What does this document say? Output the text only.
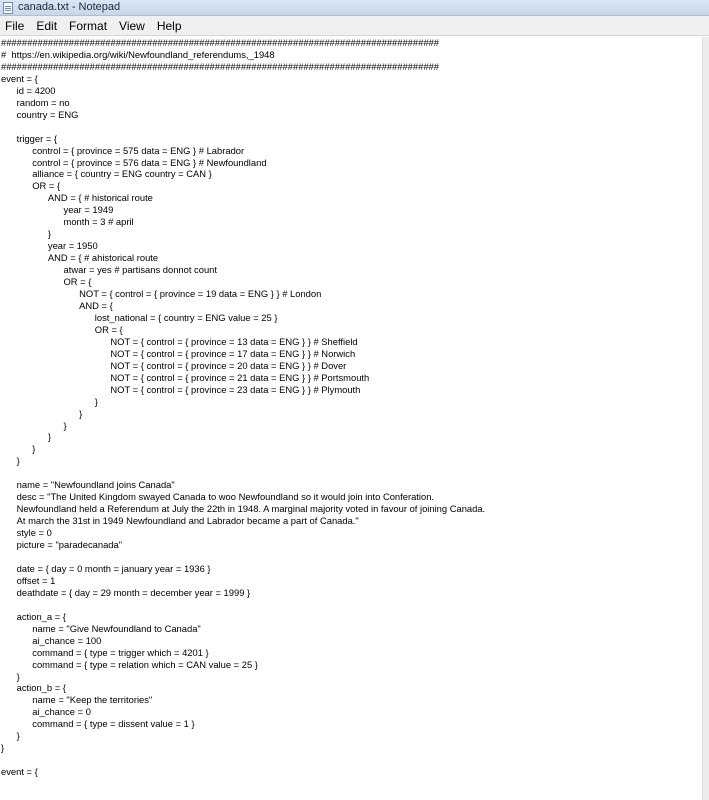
canada.txt - Notepad
File	Edit	Format	View	Help
####################################################################################
#  https://en.wikipedia.org/wiki/Newfoundland_referendums,_1948
####################################################################################
event = {
	id = 4200
	random = no
	country = ENG

	trigger = {
		control = { province = 575 data = ENG } # Labrador
		control = { province = 576 data = ENG } # Newfoundland
		alliance = { country = ENG country = CAN }
		OR = {
			AND = { # historical route
				year = 1949
				month = 3 # april
			}
			year = 1950
			AND = { # ahistorical route
				atwar = yes # partisans donnot count
				OR = {
					NOT = { control = { province = 19 data = ENG } } # London
					AND = {
						lost_national = { country = ENG value = 25 }
						OR = {
							NOT = { control = { province = 13 data = ENG } } # Sheffield
							NOT = { control = { province = 17 data = ENG } } # Norwich
							NOT = { control = { province = 20 data = ENG } } # Dover
							NOT = { control = { province = 21 data = ENG } } # Portsmouth
							NOT = { control = { province = 23 data = ENG } } # Plymouth
						}
					}
				}
			}
		}
	}

	name = "Newfoundland joins Canada"
	desc = "The United Kingdom swayed Canada to woo Newfoundland so it would join into Conferation.
	Newfoundland held a Referendum at July the 22th in 1948. A marginal majority voted in favour of joining Canada.
	At march the 31st in 1949 Newfoundland and Labrador became a part of Canada."
	style = 0
	picture = "paradecanada"

	date = { day = 0 month = january year = 1936 }
	offset = 1
	deathdate = { day = 29 month = december year = 1999 }

	action_a = {
		name = "Give Newfoundland to Canada"
		ai_chance = 100
		command = { type = trigger which = 4201 }
		command = { type = relation which = CAN value = 25 }
	}
	action_b = {
		name = "Keep the territories"
		ai_chance = 0
		command = { type = dissent value = 1 }
	}
}

event = {
